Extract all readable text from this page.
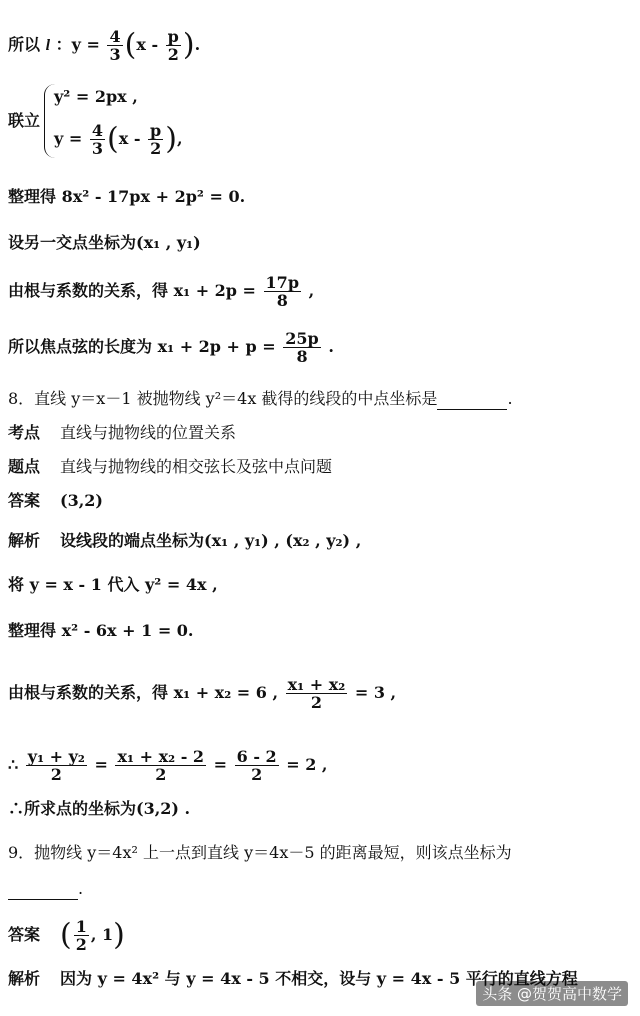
所以 l ：$y = \frac{4}{3} (x - \frac{p}{2}$ ).
联立
y² = 2px ,
$y = \frac{4}{3} (x - \frac{p}{2}$ ),
整理得 8x² - 17px + 2p² = 0.
设另一交点坐标为(x₁ , y₁)
由根与系数的关系，得 $x_1 + 2p = \frac{17p}{8}$ ,
所以焦点弦的长度为 $x_1 + 2p + p = \frac{25p}{8}$ .
8．直线 y＝x－1 被抛物线 y²＝4x 截得的线段的中点坐标是	.
考点 直线与抛物线的位置关系
题点 直线与抛物线的相交弦长及弦中点问题
答案 (3,2)
解析 设线段的端点坐标为(x₁ , y₁) , (x₂ , y₂) ,
将 y = x - 1 代入 y² = 4x ,
整理得 x² - 6x + 1 = 0.
由根与系数的关系，得 x₁ + x₂ = 6 , $\frac{\text{x₁ + x₂}}{2} = 3$ ,
∴ $\frac{\text{y₁ + y₂}}{2} = \frac{\text{x₁ + x₂ - 2}}{2} = \frac{6 - 2}{2} = 2$ ,
∴所求点的坐标为(3,2) .
9．抛物线 y＝4x² 上一点到直线 y＝4x－5 的距离最短，则该点坐标为
.
答案 ( $\frac{1}{2}$ , 1)
解析 因为 y = 4x² 与 y = 4x - 5 不相交，设与 y = 4x - 5 平行的直线方程
头条 @贺贺高中数学
